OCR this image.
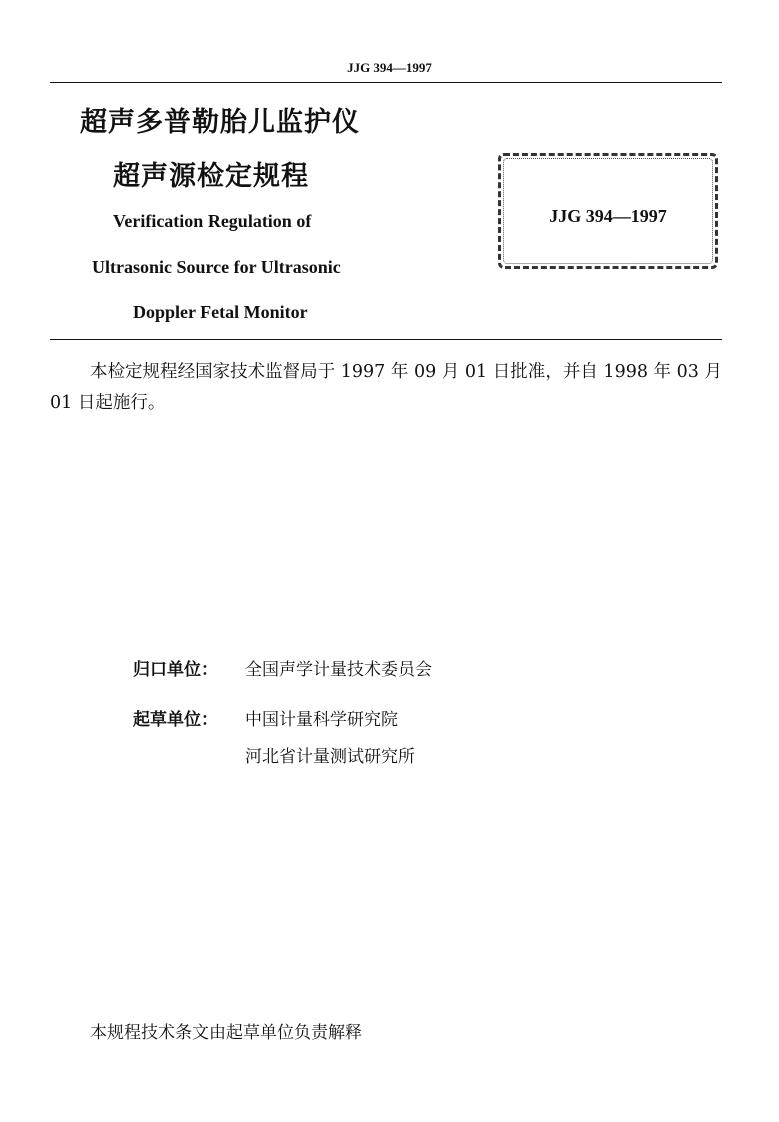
JJG 394—1997
超声多普勒胎儿监护仪
超声源检定规程
Verification Regulation of
Ultrasonic Source for Ultrasonic
Doppler Fetal Monitor
JJG 394—1997
本检定规程经国家技术监督局于 1997 年 09 月 01 日批准，并自 1998 年 03 月 01 日起施行。
归口单位： 全国声学计量技术委员会
起草单位： 中国计量科学研究院
河北省计量测试研究所
本规程技术条文由起草单位负责解释
